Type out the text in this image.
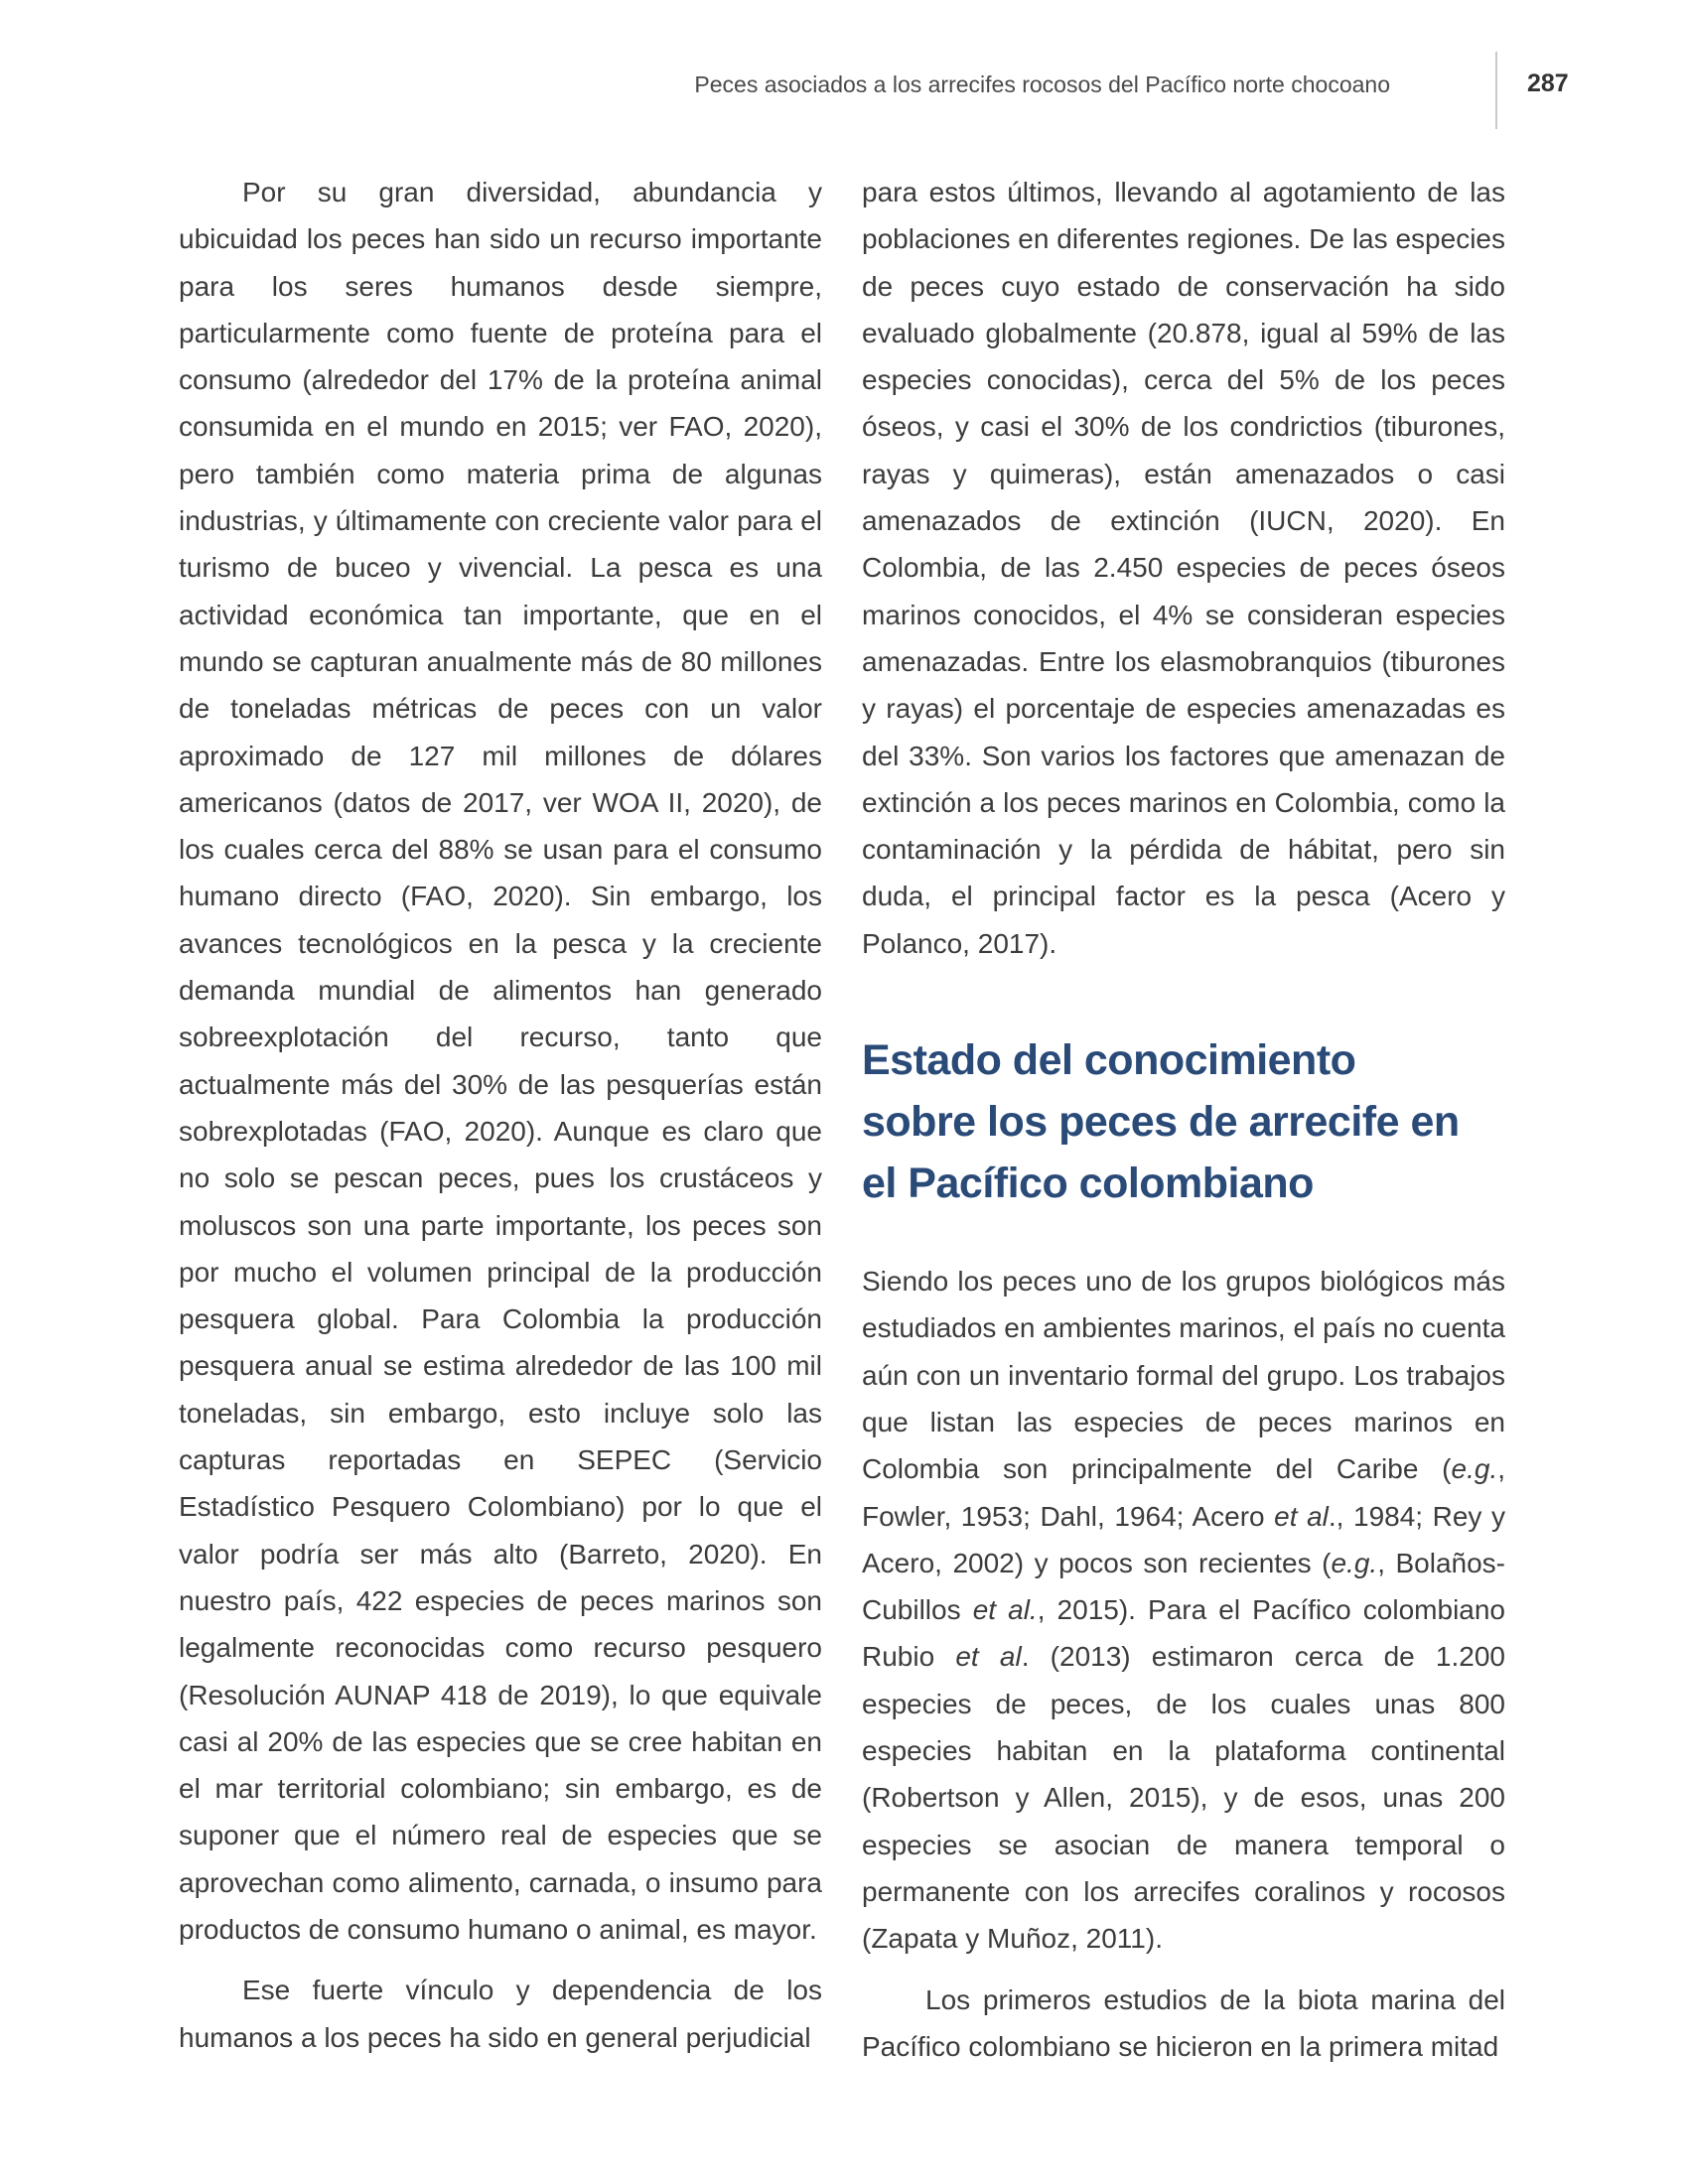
Peces asociados a los arrecifes rocosos del Pacífico norte chocoano	287

Por su gran diversidad, abundancia y ubicuidad los peces han sido un recurso importante para los seres humanos desde siempre, particularmente como fuente de proteína para el consumo (alrededor del 17% de la proteína animal consumida en el mundo en 2015; ver FAO, 2020), pero también como materia prima de algunas industrias, y últimamente con creciente valor para el turismo de buceo y vivencial. La pesca es una actividad económica tan importante, que en el mundo se capturan anualmente más de 80 millones de toneladas métricas de peces con un valor aproximado de 127 mil millones de dólares americanos (datos de 2017, ver WOA II, 2020), de los cuales cerca del 88% se usan para el consumo humano directo (FAO, 2020). Sin embargo, los avances tecnológicos en la pesca y la creciente demanda mundial de alimentos han generado sobreexplotación del recurso, tanto que actualmente más del 30% de las pesquerías están sobrexplotadas (FAO, 2020). Aunque es claro que no solo se pescan peces, pues los crustáceos y moluscos son una parte importante, los peces son por mucho el volumen principal de la producción pesquera global. Para Colombia la producción pesquera anual se estima alrededor de las 100 mil toneladas, sin embargo, esto incluye solo las capturas reportadas en SEPEC (Servicio Estadístico Pesquero Colombiano) por lo que el valor podría ser más alto (Barreto, 2020). En nuestro país, 422 especies de peces marinos son legalmente reconocidas como recurso pesquero (Resolución AUNAP 418 de 2019), lo que equivale casi al 20% de las especies que se cree habitan en el mar territorial colombiano; sin embargo, es de suponer que el número real de especies que se aprovechan como alimento, carnada, o insumo para productos de consumo humano o animal, es mayor.

Ese fuerte vínculo y dependencia de los humanos a los peces ha sido en general perjudicial

para estos últimos, llevando al agotamiento de las poblaciones en diferentes regiones. De las especies de peces cuyo estado de conservación ha sido evaluado globalmente (20.878, igual al 59% de las especies conocidas), cerca del 5% de los peces óseos, y casi el 30% de los condrictios (tiburones, rayas y quimeras), están amenazados o casi amenazados de extinción (IUCN, 2020). En Colombia, de las 2.450 especies de peces óseos marinos conocidos, el 4% se consideran especies amenazadas. Entre los elasmobranquios (tiburones y rayas) el porcentaje de especies amenazadas es del 33%. Son varios los factores que amenazan de extinción a los peces marinos en Colombia, como la contaminación y la pérdida de hábitat, pero sin duda, el principal factor es la pesca (Acero y Polanco, 2017).

Estado del conocimiento
sobre los peces de arrecife en
el Pacífico colombiano

Siendo los peces uno de los grupos biológicos más estudiados en ambientes marinos, el país no cuenta aún con un inventario formal del grupo. Los trabajos que listan las especies de peces marinos en Colombia son principalmente del Caribe (e.g., Fowler, 1953; Dahl, 1964; Acero et al., 1984; Rey y Acero, 2002) y pocos son recientes (e.g., Bolaños-Cubillos et al., 2015). Para el Pacífico colombiano Rubio et al. (2013) estimaron cerca de 1.200 especies de peces, de los cuales unas 800 especies habitan en la plataforma continental (Robertson y Allen, 2015), y de esos, unas 200 especies se asocian de manera temporal o permanente con los arrecifes coralinos y rocosos (Zapata y Muñoz, 2011).

Los primeros estudios de la biota marina del Pacífico colombiano se hicieron en la primera mitad
